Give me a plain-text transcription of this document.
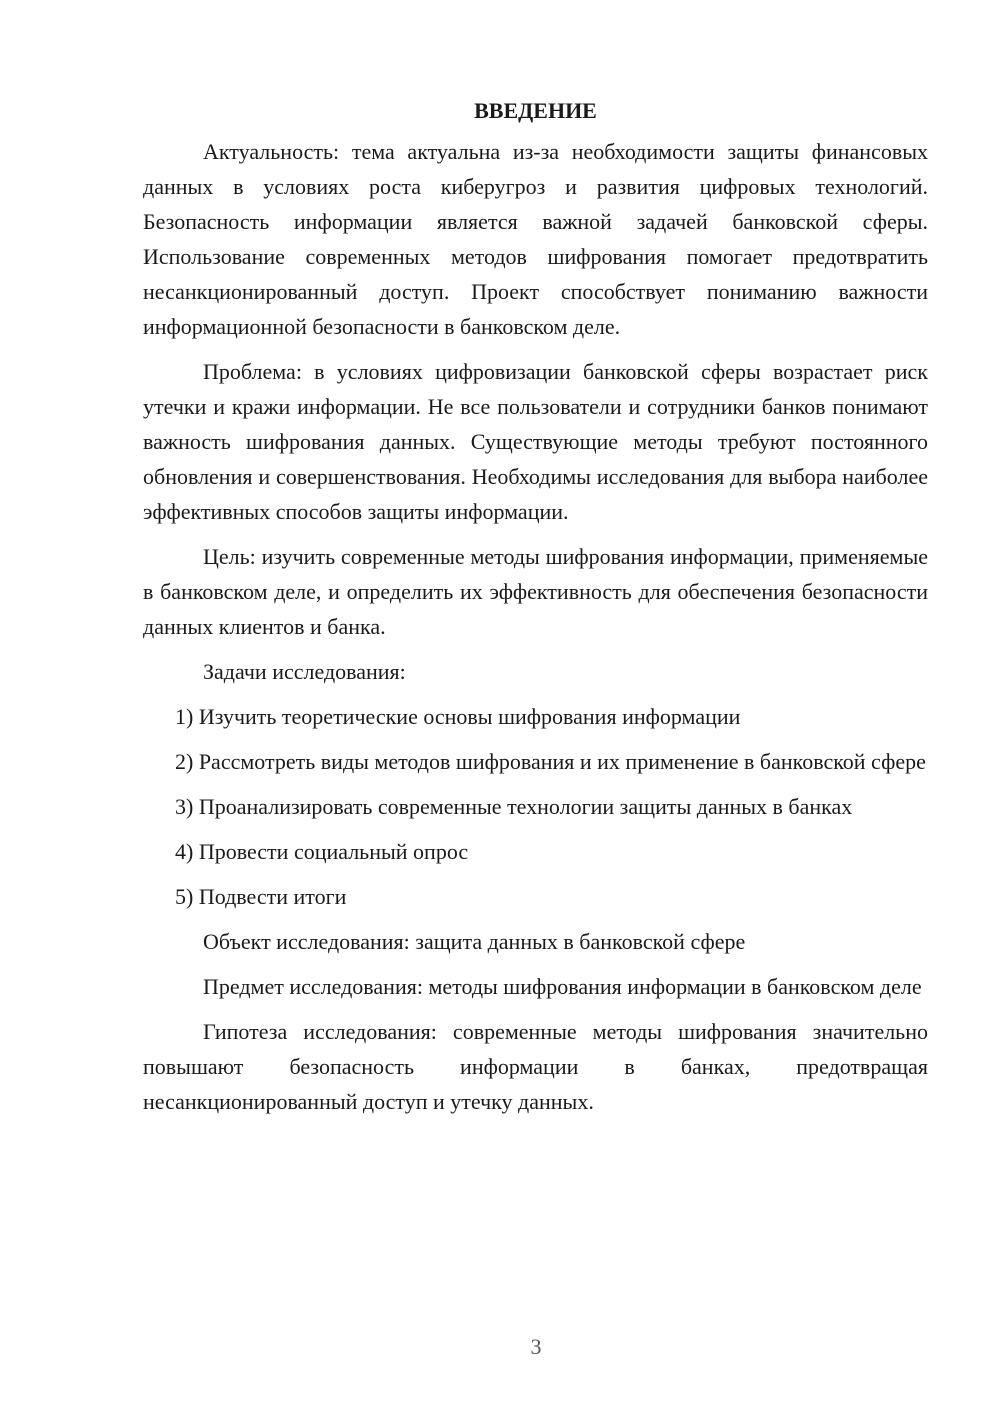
ВВЕДЕНИЕ

Актуальность: тема актуальна из-за необходимости защиты финансовых данных в условиях роста киберугроз и развития цифровых технологий. Безопасность информации является важной задачей банковской сферы. Использование современных методов шифрования помогает предотвратить несанкционированный доступ. Проект способствует пониманию важности информационной безопасности в банковском деле.

Проблема: в условиях цифровизации банковской сферы возрастает риск утечки и кражи информации. Не все пользователи и сотрудники банков понимают важность шифрования данных. Существующие методы требуют постоянного обновления и совершенствования. Необходимы исследования для выбора наиболее эффективных способов защиты информации.

Цель: изучить современные методы шифрования информации, применяемые в банковском деле, и определить их эффективность для обеспечения безопасности данных клиентов и банка.

Задачи исследования:

1) Изучить теоретические основы шифрования информации

2) Рассмотреть виды методов шифрования и их применение в банковской сфере

3) Проанализировать современные технологии защиты данных в банках

4) Провести социальный опрос

5) Подвести итоги

Объект исследования: защита данных в банковской сфере

Предмет исследования: методы шифрования информации в банковском деле

Гипотеза исследования: современные методы шифрования значительно повышают безопасность информации в банках, предотвращая несанкционированный доступ и утечку данных.

3
